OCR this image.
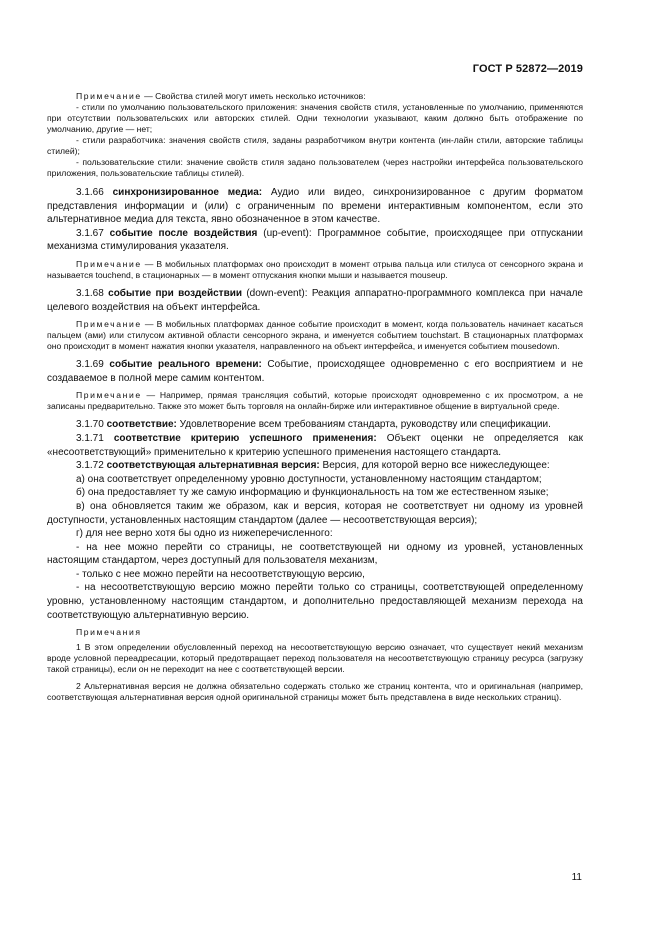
ГОСТ Р 52872—2019

Примечание — Свойства стилей могут иметь несколько источников:

- стили по умолчанию пользовательского приложения: значения свойств стиля, установленные по умолчанию, применяются при отсутствии пользовательских или авторских стилей. Одни технологии указывают, каким должно быть отображение по умолчанию, другие — нет;

- стили разработчика: значения свойств стиля, заданы разработчиком внутри контента (ин-лайн стили, авторские таблицы стилей);

- пользовательские стили: значение свойств стиля задано пользователем (через настройки интерфейса пользовательского приложения, пользовательские таблицы стилей).

3.1.66 синхронизированное медиа: Аудио или видео, синхронизированное с другим форматом представления информации и (или) с ограниченным по времени интерактивным компонентом, если это альтернативное медиа для текста, явно обозначенное в этом качестве.

3.1.67 событие после воздействия (up-event): Программное событие, происходящее при отпускании механизма стимулирования указателя.

Примечание — В мобильных платформах оно происходит в момент отрыва пальца или стилуса от сенсорного экрана и называется touchend, в стационарных — в момент отпускания кнопки мыши и называется mouseup.

3.1.68 событие при воздействии (down-event): Реакция аппаратно-программного комплекса при начале целевого воздействия на объект интерфейса.

Примечание — В мобильных платформах данное событие происходит в момент, когда пользователь начинает касаться пальцем (ами) или стилусом активной области сенсорного экрана, и именуется событием touchstart. В стационарных платформах оно происходит в момент нажатия кнопки указателя, направленного на объект интерфейса, и именуется событием mousedown.

3.1.69 событие реального времени: Событие, происходящее одновременно с его восприятием и не создаваемое в полной мере самим контентом.

Примечание — Например, прямая трансляция событий, которые происходят одновременно с их просмотром, а не записаны предварительно. Также это может быть торговля на онлайн-бирже или интерактивное общение в виртуальной среде.

3.1.70 соответствие: Удовлетворение всем требованиям стандарта, руководству или спецификации.

3.1.71 соответствие критерию успешного применения: Объект оценки не определяется как «несоответствующий» применительно к критерию успешного применения настоящего стандарта.

3.1.72 соответствующая альтернативная версия: Версия, для которой верно все нижеследующее:

а) она соответствует определенному уровню доступности, установленному настоящим стандартом;

б) она предоставляет ту же самую информацию и функциональность на том же естественном языке;

в) она обновляется таким же образом, как и версия, которая не соответствует ни одному из уровней доступности, установленных настоящим стандартом (далее — несоответствующая версия);

г) для нее верно хотя бы одно из нижеперечисленного:

- на нее можно перейти со страницы, не соответствующей ни одному из уровней, установленных настоящим стандартом, через доступный для пользователя механизм,

- только с нее можно перейти на несоответствующую версию,

- на несоответствующую версию можно перейти только со страницы, соответствующей определенному уровню, установленному настоящим стандартом, и дополнительно предоставляющей механизм перехода на соответствующую альтернативную версию.

Примечания

1 В этом определении обусловленный переход на несоответствующую версию означает, что существует некий механизм вроде условной переадресации, который предотвращает переход пользователя на несоответствующую страницу ресурса (загрузку такой страницы), если он не переходит на нее с соответствующей версии.

2 Альтернативная версия не должна обязательно содержать столько же страниц контента, что и оригинальная (например, соответствующая альтернативная версия одной оригинальной страницы может быть представлена в виде нескольких страниц).

11
